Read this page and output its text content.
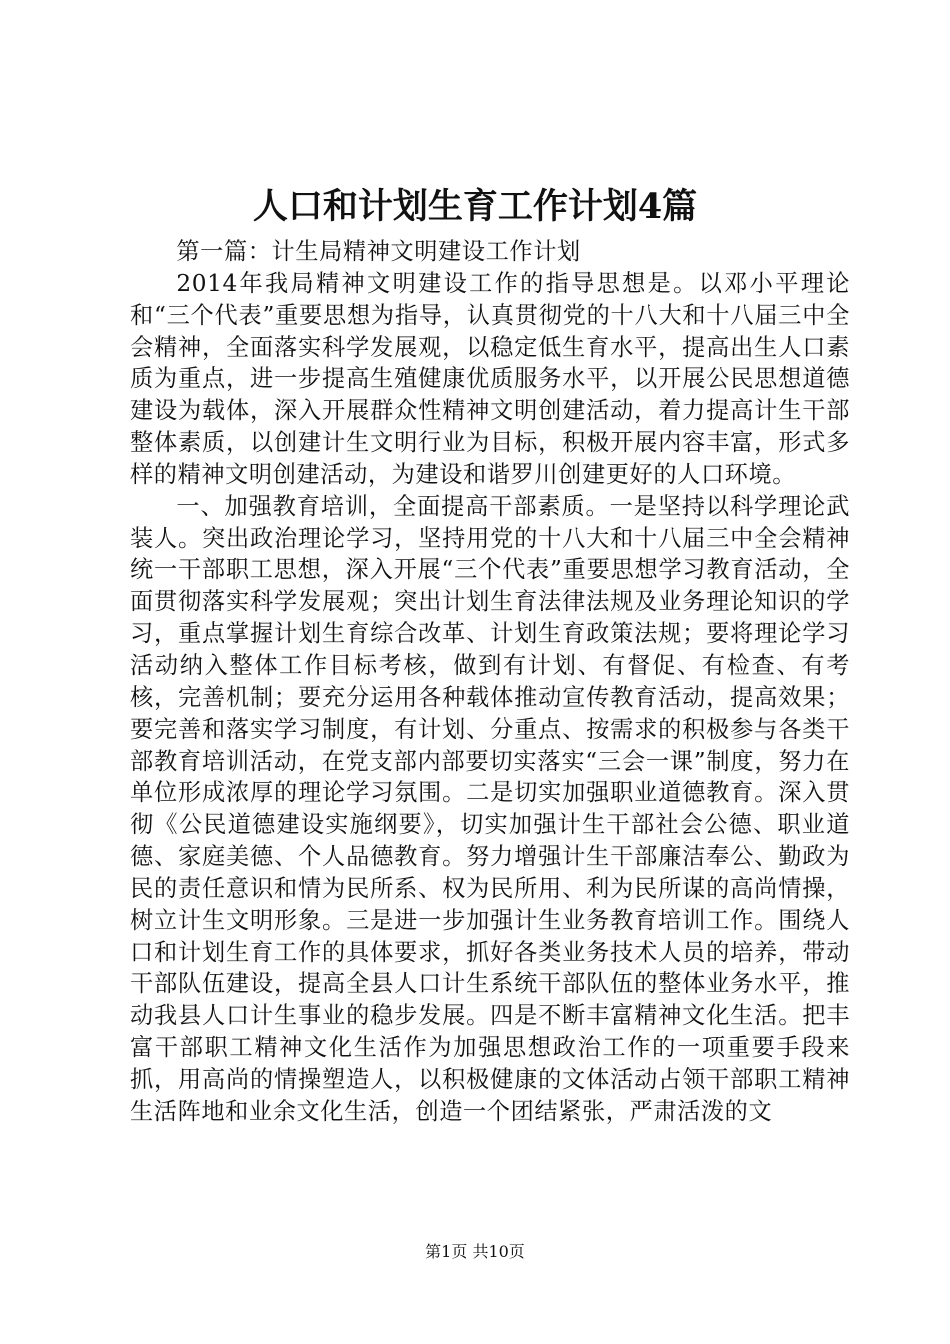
人口和计划生育工作计划4篇

第一篇：计生局精神文明建设工作计划

2014年我局精神文明建设工作的指导思想是。以邓小平理论和“三个代表”重要思想为指导，认真贯彻党的十八大和十八届三中全会精神，全面落实科学发展观，以稳定低生育水平，提高出生人口素质为重点，进一步提高生殖健康优质服务水平，以开展公民思想道德建设为载体，深入开展群众性精神文明创建活动，着力提高计生干部整体素质，以创建计生文明行业为目标，积极开展内容丰富，形式多样的精神文明创建活动，为建设和谐罗川创建更好的人口环境。

一、加强教育培训，全面提高干部素质。一是坚持以科学理论武装人。突出政治理论学习，坚持用党的十八大和十八届三中全会精神统一干部职工思想，深入开展“三个代表”重要思想学习教育活动，全面贯彻落实科学发展观；突出计划生育法律法规及业务理论知识的学习，重点掌握计划生育综合改革、计划生育政策法规；要将理论学习活动纳入整体工作目标考核，做到有计划、有督促、有检查、有考核，完善机制；要充分运用各种载体推动宣传教育活动，提高效果；要完善和落实学习制度，有计划、分重点、按需求的积极参与各类干部教育培训活动，在党支部内部要切实落实“三会一课”制度，努力在单位形成浓厚的理论学习氛围。二是切实加强职业道德教育。深入贯彻《公民道德建设实施纲要》，切实加强计生干部社会公德、职业道德、家庭美德、个人品德教育。努力增强计生干部廉洁奉公、勤政为民的责任意识和情为民所系、权为民所用、利为民所谋的高尚情操，树立计生文明形象。三是进一步加强计生业务教育培训工作。围绕人口和计划生育工作的具体要求，抓好各类业务技术人员的培养，带动干部队伍建设，提高全县人口计生系统干部队伍的整体业务水平，推动我县人口计生事业的稳步发展。四是不断丰富精神文化生活。把丰富干部职工精神文化生活作为加强思想政治工作的一项重要手段来抓，用高尚的情操塑造人，以积极健康的文体活动占领干部职工精神生活阵地和业余文化生活，创造一个团结紧张，严肃活泼的文

第1页 共10页
